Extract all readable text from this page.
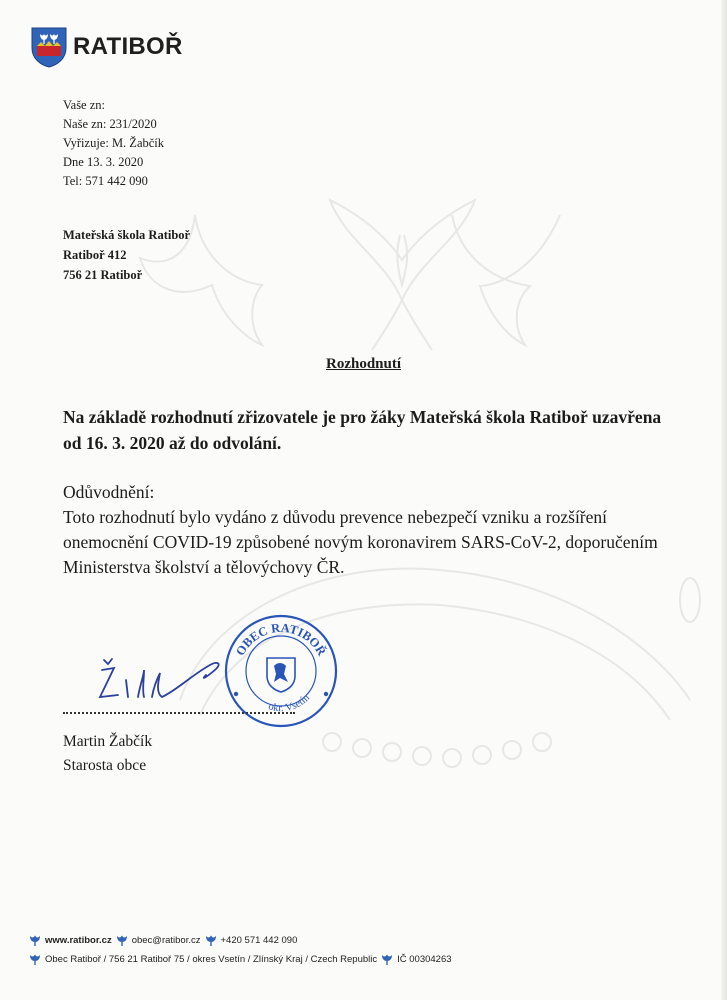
RATIBOŘ
Vaše zn:
Naše zn: 231/2020
Vyřizuje: M. Žabčík
Dne 13. 3. 2020
Tel: 571 442 090
Mateřská škola Ratiboř
Ratiboř 412
756 21 Ratiboř
Rozhodnutí
Na základě rozhodnutí zřizovatele je pro žáky Mateřská škola Ratiboř uzavřena od 16. 3. 2020 až do odvolání.
Odůvodnění:
Toto rozhodnutí bylo vydáno z důvodu prevence nebezpečí vzniku a rozšíření onemocnění COVID-19 způsobené novým koronavirem SARS-CoV-2, doporučením Ministerstva školství a tělovýchovy ČR.
OBEC RATIBOŘ
okr. Vsetín
Martin Žabčík
Starosta obce
www.ratibor.cz obec@ratibor.cz +420 571 442 090
Obec Ratiboř / 756 21 Ratiboř 75 / okres Vsetín / Zlínský Kraj / Czech Republic IČ 00304263
